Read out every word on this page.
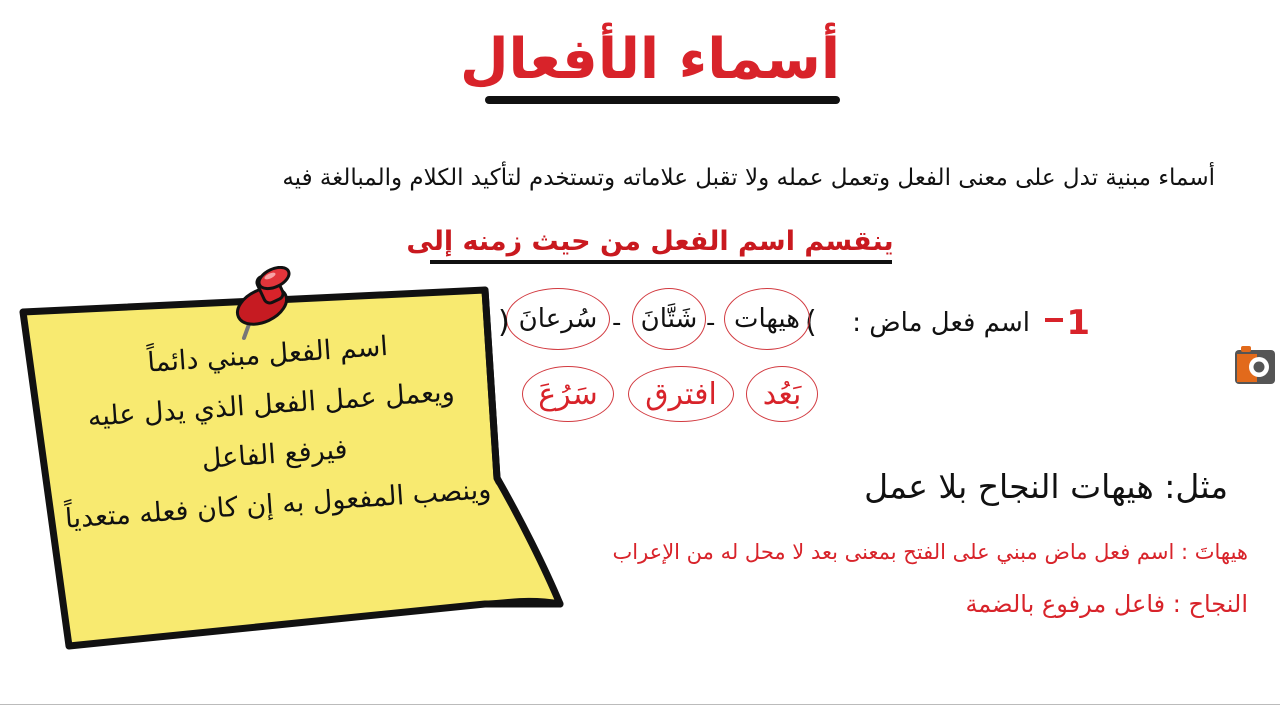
أسماء الأفعال
أسماء مبنية تدل على معنى الفعل وتعمل عمله ولا تقبل علاماته وتستخدم لتأكيد الكلام والمبالغة فيه
ينقسم اسم الفعل من حيث زمنه إلى
1
اسم فعل ماض :
(
هيهات
-
شَتَّانَ
-
سُرعانَ
)
بَعُد
افترق
سَرُعَ
مثل: هيهات النجاح بلا عمل
هيهاتَ : اسم فعل ماض مبني على الفتح بمعنى بعد لا محل له من الإعراب
النجاح : فاعل مرفوع بالضمة
اسم الفعل مبني دائماً
ويعمل عمل الفعل الذي يدل عليه
فيرفع الفاعل
وينصب المفعول به إن كان فعله متعدياً
